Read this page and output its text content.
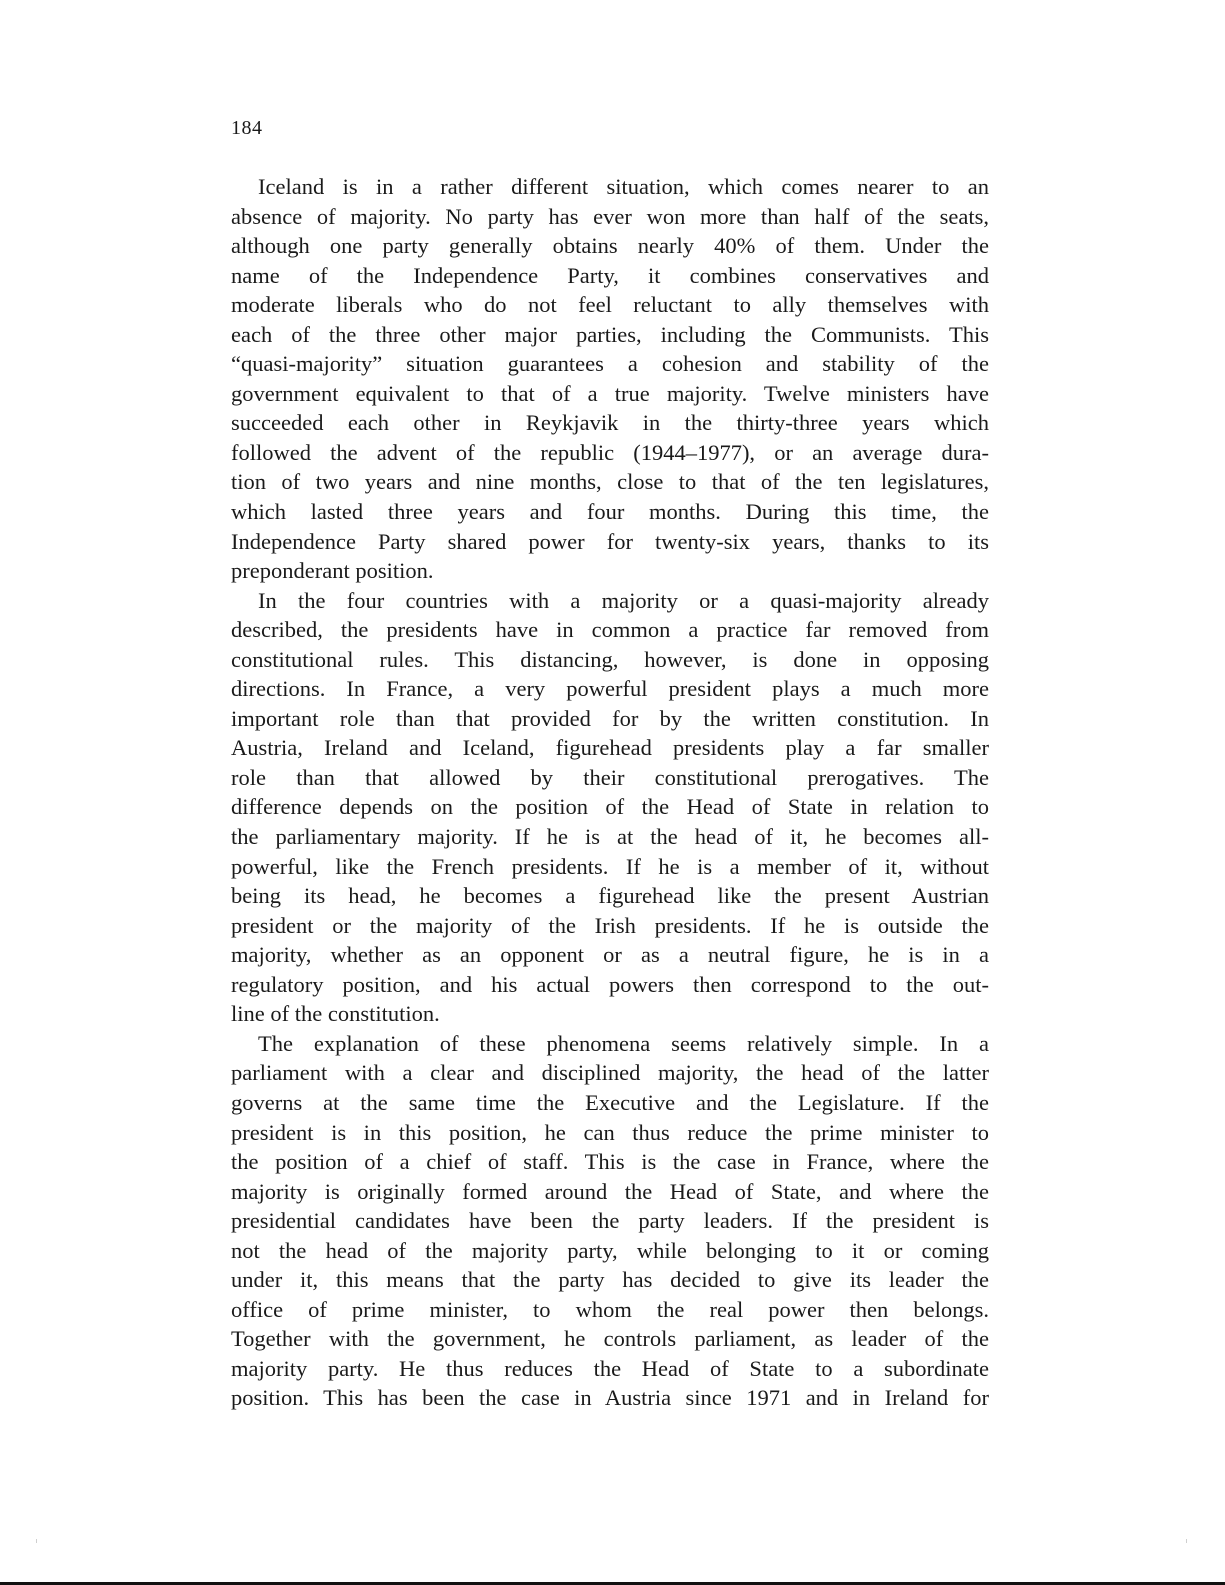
184
Iceland is in a rather different situation, which comes nearer to an
absence of majority. No party has ever won more than half of the seats,
although one party generally obtains nearly 40% of them. Under the
name of the Independence Party, it combines conservatives and
moderate liberals who do not feel reluctant to ally themselves with
each of the three other major parties, including the Communists. This
“quasi-majority” situation guarantees a cohesion and stability of the
government equivalent to that of a true majority. Twelve ministers have
succeeded each other in Reykjavik in the thirty-three years which
followed the advent of the republic (1944–1977), or an average dura-
tion of two years and nine months, close to that of the ten legislatures,
which lasted three years and four months. During this time, the
Independence Party shared power for twenty-six years, thanks to its
preponderant position.
In the four countries with a majority or a quasi-majority already
described, the presidents have in common a practice far removed from
constitutional rules. This distancing, however, is done in opposing
directions. In France, a very powerful president plays a much more
important role than that provided for by the written constitution. In
Austria, Ireland and Iceland, figurehead presidents play a far smaller
role than that allowed by their constitutional prerogatives. The
difference depends on the position of the Head of State in relation to
the parliamentary majority. If he is at the head of it, he becomes all-
powerful, like the French presidents. If he is a member of it, without
being its head, he becomes a figurehead like the present Austrian
president or the majority of the Irish presidents. If he is outside the
majority, whether as an opponent or as a neutral figure, he is in a
regulatory position, and his actual powers then correspond to the out-
line of the constitution.
The explanation of these phenomena seems relatively simple. In a
parliament with a clear and disciplined majority, the head of the latter
governs at the same time the Executive and the Legislature. If the
president is in this position, he can thus reduce the prime minister to
the position of a chief of staff. This is the case in France, where the
majority is originally formed around the Head of State, and where the
presidential candidates have been the party leaders. If the president is
not the head of the majority party, while belonging to it or coming
under it, this means that the party has decided to give its leader the
office of prime minister, to whom the real power then belongs.
Together with the government, he controls parliament, as leader of the
majority party. He thus reduces the Head of State to a subordinate
position. This has been the case in Austria since 1971 and in Ireland for
